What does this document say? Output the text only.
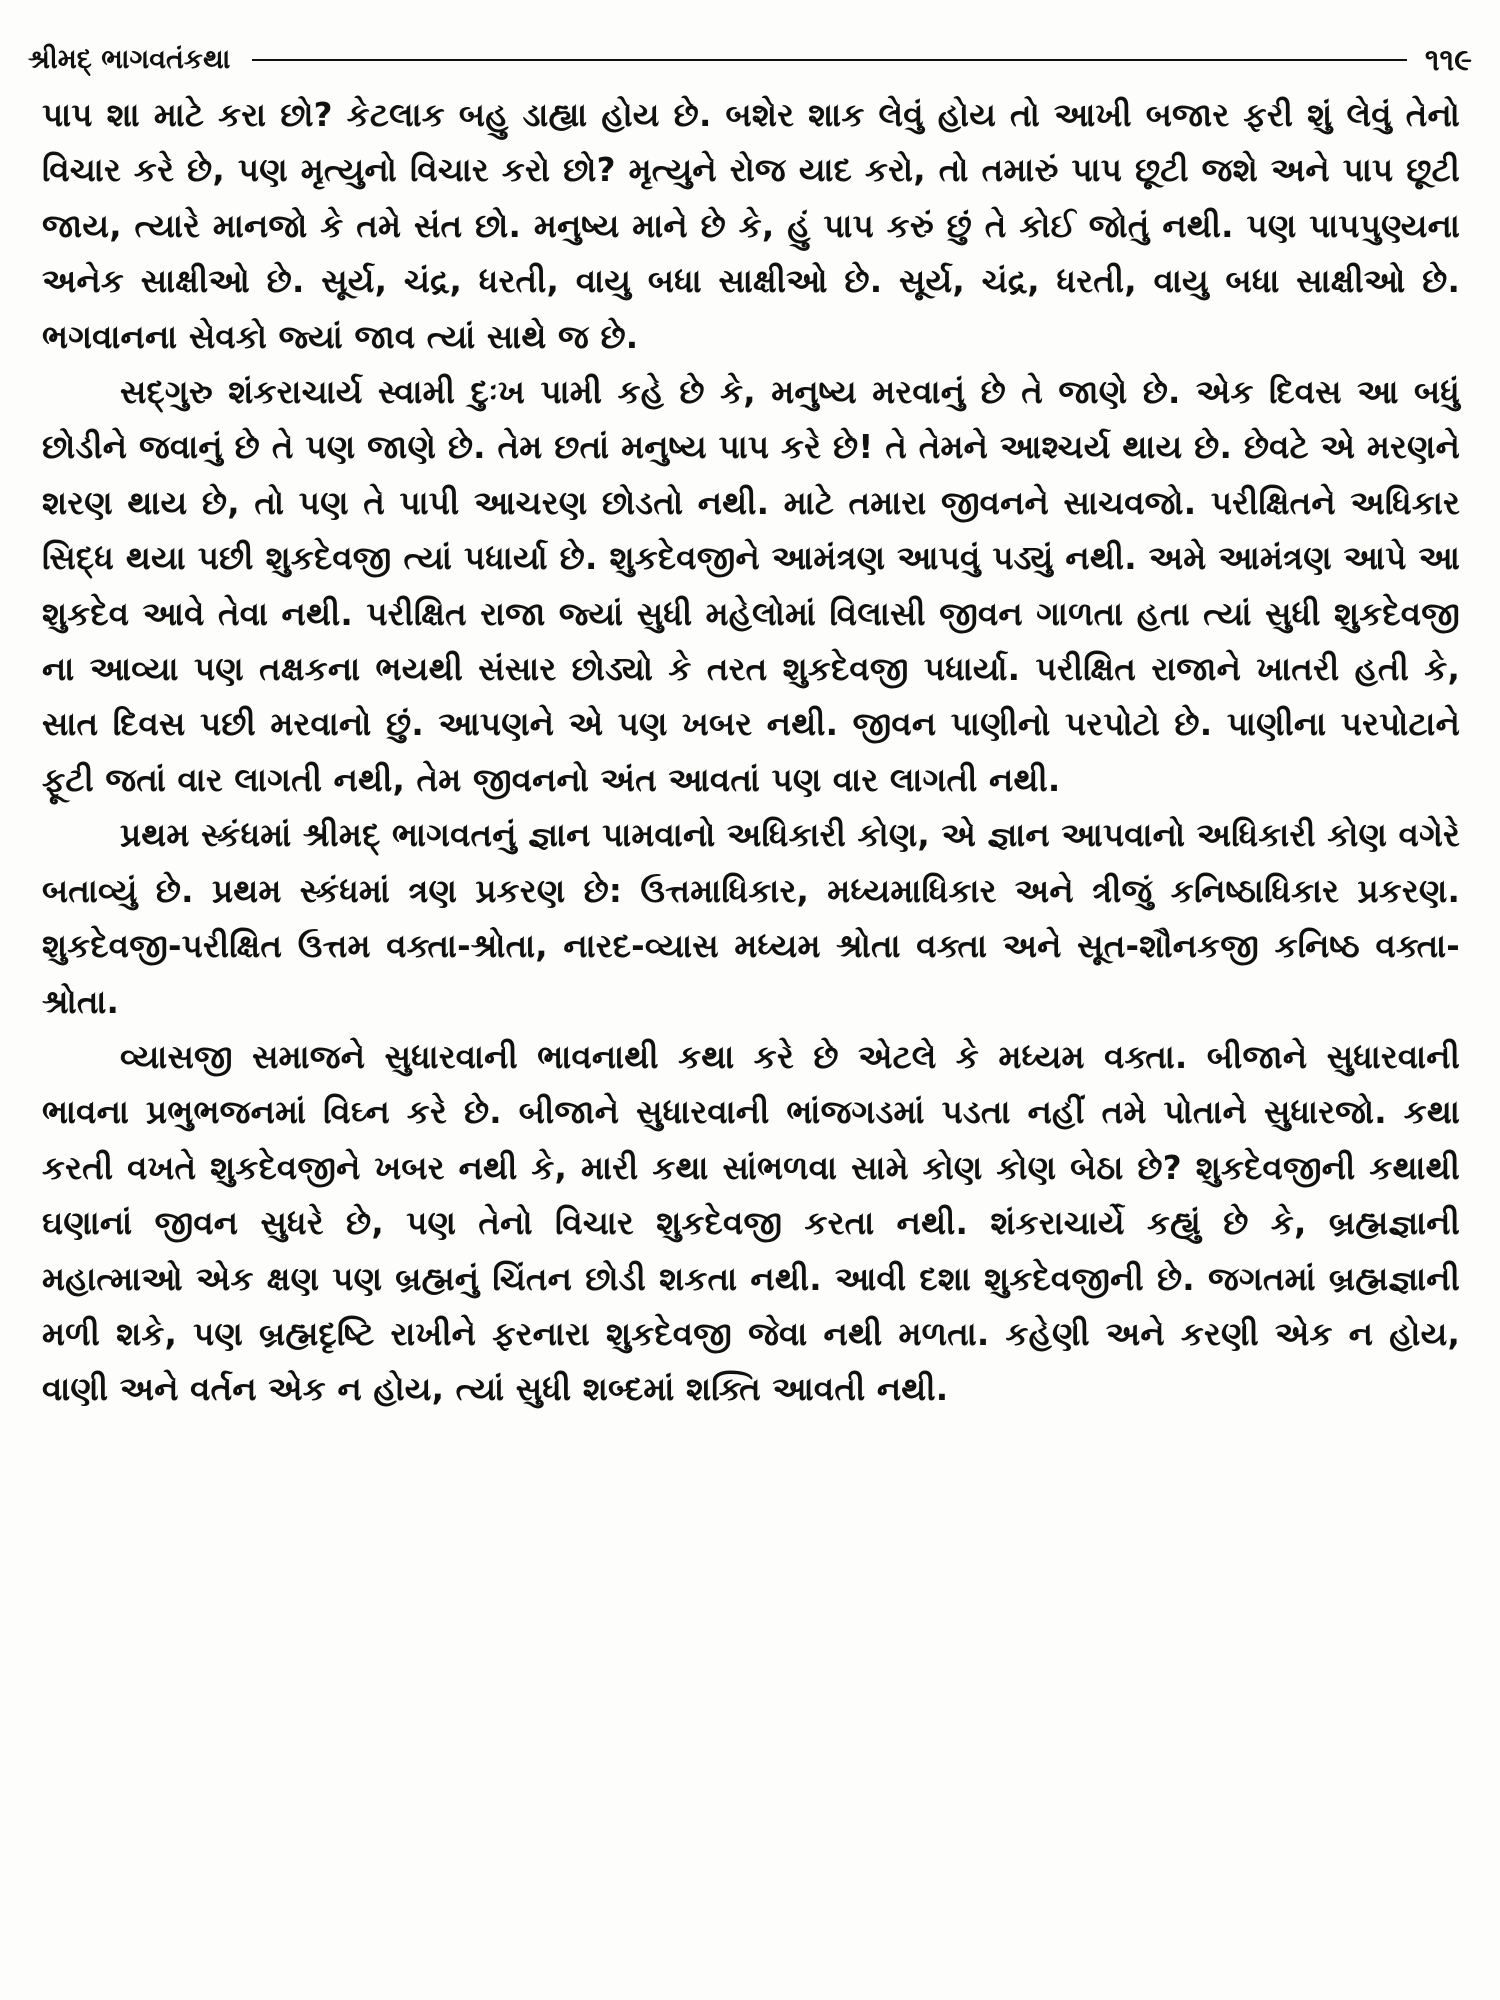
શ્રીમદ્ ભાગવતંકથા	૧૧૯

પાપ શા માટે કરા છો? કેટલાક બહુ ડાહ્યા હોય છે. બશેર શાક લેવું હોય તો આખી બજાર ફરી શું લેવું તેનો વિચાર કરે છે, પણ મૃત્યુનો વિચાર કરો છો? મૃત્યુને રોજ યાદ કરો, તો તમારું પાપ છૂટી જશે અને પાપ છૂટી જાય, ત્યારે માનજો કે તમે સંત છો. મનુષ્ય માને છે કે, હું પાપ કરું છું તે કોઈ જોતું નથી. પણ પાપપુણ્યના અનેક સાક્ષીઓ છે. સૂર્ય, ચંદ્ર, ધરતી, વાયુ બધા સાક્ષીઓ છે. સૂર્ય, ચંદ્ર, ધરતી, વાયુ બધા સાક્ષીઓ છે. ભગવાનના સેવકો જ્યાં જાવ ત્યાં સાથે જ છે.

સદ્ગુરુ શંકરાચાર્ય સ્વામી દુઃખ પામી કહે છે કે, મનુષ્ય મરવાનું છે તે જાણે છે. એક દિવસ આ બધું છોડીને જવાનું છે તે પણ જાણે છે. તેમ છતાં મનુષ્ય પાપ કરે છે! તે તેમને આશ્ચર્ય થાય છે. છેવટે એ મરણને શરણ થાય છે, તો પણ તે પાપી આચરણ છોડતો નથી. માટે તમારા જીવનને સાચવજો. પરીક્ષિતને અધિકાર સિદ્ધ થયા પછી શુકદેવજી ત્યાં પધાર્યા છે. શુકદેવજીને આમંત્રણ આપવું પડ્યું નથી. અમે આમંત્રણ આપે આ શુકદેવ આવે તેવા નથી. પરીક્ષિત રાજા જ્યાં સુધી મહેલોમાં વિલાસી જીવન ગાળતા હતા ત્યાં સુધી શુકદેવજી ના આવ્યા પણ તક્ષકના ભયથી સંસાર છોડ્યો કે તરત શુકદેવજી પધાર્યા. પરીક્ષિત રાજાને ખાતરી હતી કે, સાત દિવસ પછી મરવાનો છું. આપણને એ પણ ખબર નથી. જીવન પાણીનો પરપોટો છે. પાણીના પરપોટાને ફૂટી જતાં વાર લાગતી નથી, તેમ જીવનનો અંત આવતાં પણ વાર લાગતી નથી.

પ્રથમ સ્કંધમાં શ્રીમદ્ ભાગવતનું જ્ઞાન પામવાનો અધિકારી કોણ, એ જ્ઞાન આપવાનો અધિકારી કોણ વગેરે બતાવ્યું છે. પ્રથમ સ્કંધમાં ત્રણ પ્રકરણ છે: ઉત્તમાધિકાર, મધ્યમાધિકાર અને ત્રીજું કનિષ્ઠાધિકાર પ્રકરણ. શુકદેવજી-પરીક્ષિત ઉત્તમ વક્તા-શ્રોતા, નારદ-વ્યાસ મધ્યમ શ્રોતા વક્તા અને સૂત-શૌનકજી કનિષ્ઠ વક્તા-શ્રોતા.

વ્યાસજી સમાજને સુધારવાની ભાવનાથી કથા કરે છે એટલે કે મધ્યમ વક્તા. બીજાને સુધારવાની ભાવના પ્રભુભજનમાં વિઘ્ન કરે છે. બીજાને સુધારવાની ભાંજગડમાં પડતા નહીં તમે પોતાને સુધારજો. કથા કરતી વખતે શુકદેવજીને ખબર નથી કે, મારી કથા સાંભળવા સામે કોણ કોણ બેઠા છે? શુકદેવજીની કથાથી ઘણાનાં જીવન સુધરે છે, પણ તેનો વિચાર શુકદેવજી કરતા નથી. શંકરાચાર્યે કહ્યું છે કે, બ્રહ્મજ્ઞાની મહાત્માઓ એક ક્ષણ પણ બ્રહ્મનું ચિંતન છોડી શકતા નથી. આવી દશા શુકદેવજીની છે. જગતમાં બ્રહ્મજ્ઞાની મળી શકે, પણ બ્રહ્મદૃષ્ટિ રાખીને ફરનારા શુકદેવજી જેવા નથી મળતા. કહેણી અને કરણી એક ન હોય, વાણી અને વર્તન એક ન હોય, ત્યાં સુધી શબ્દમાં શક્તિ આવતી નથી.
